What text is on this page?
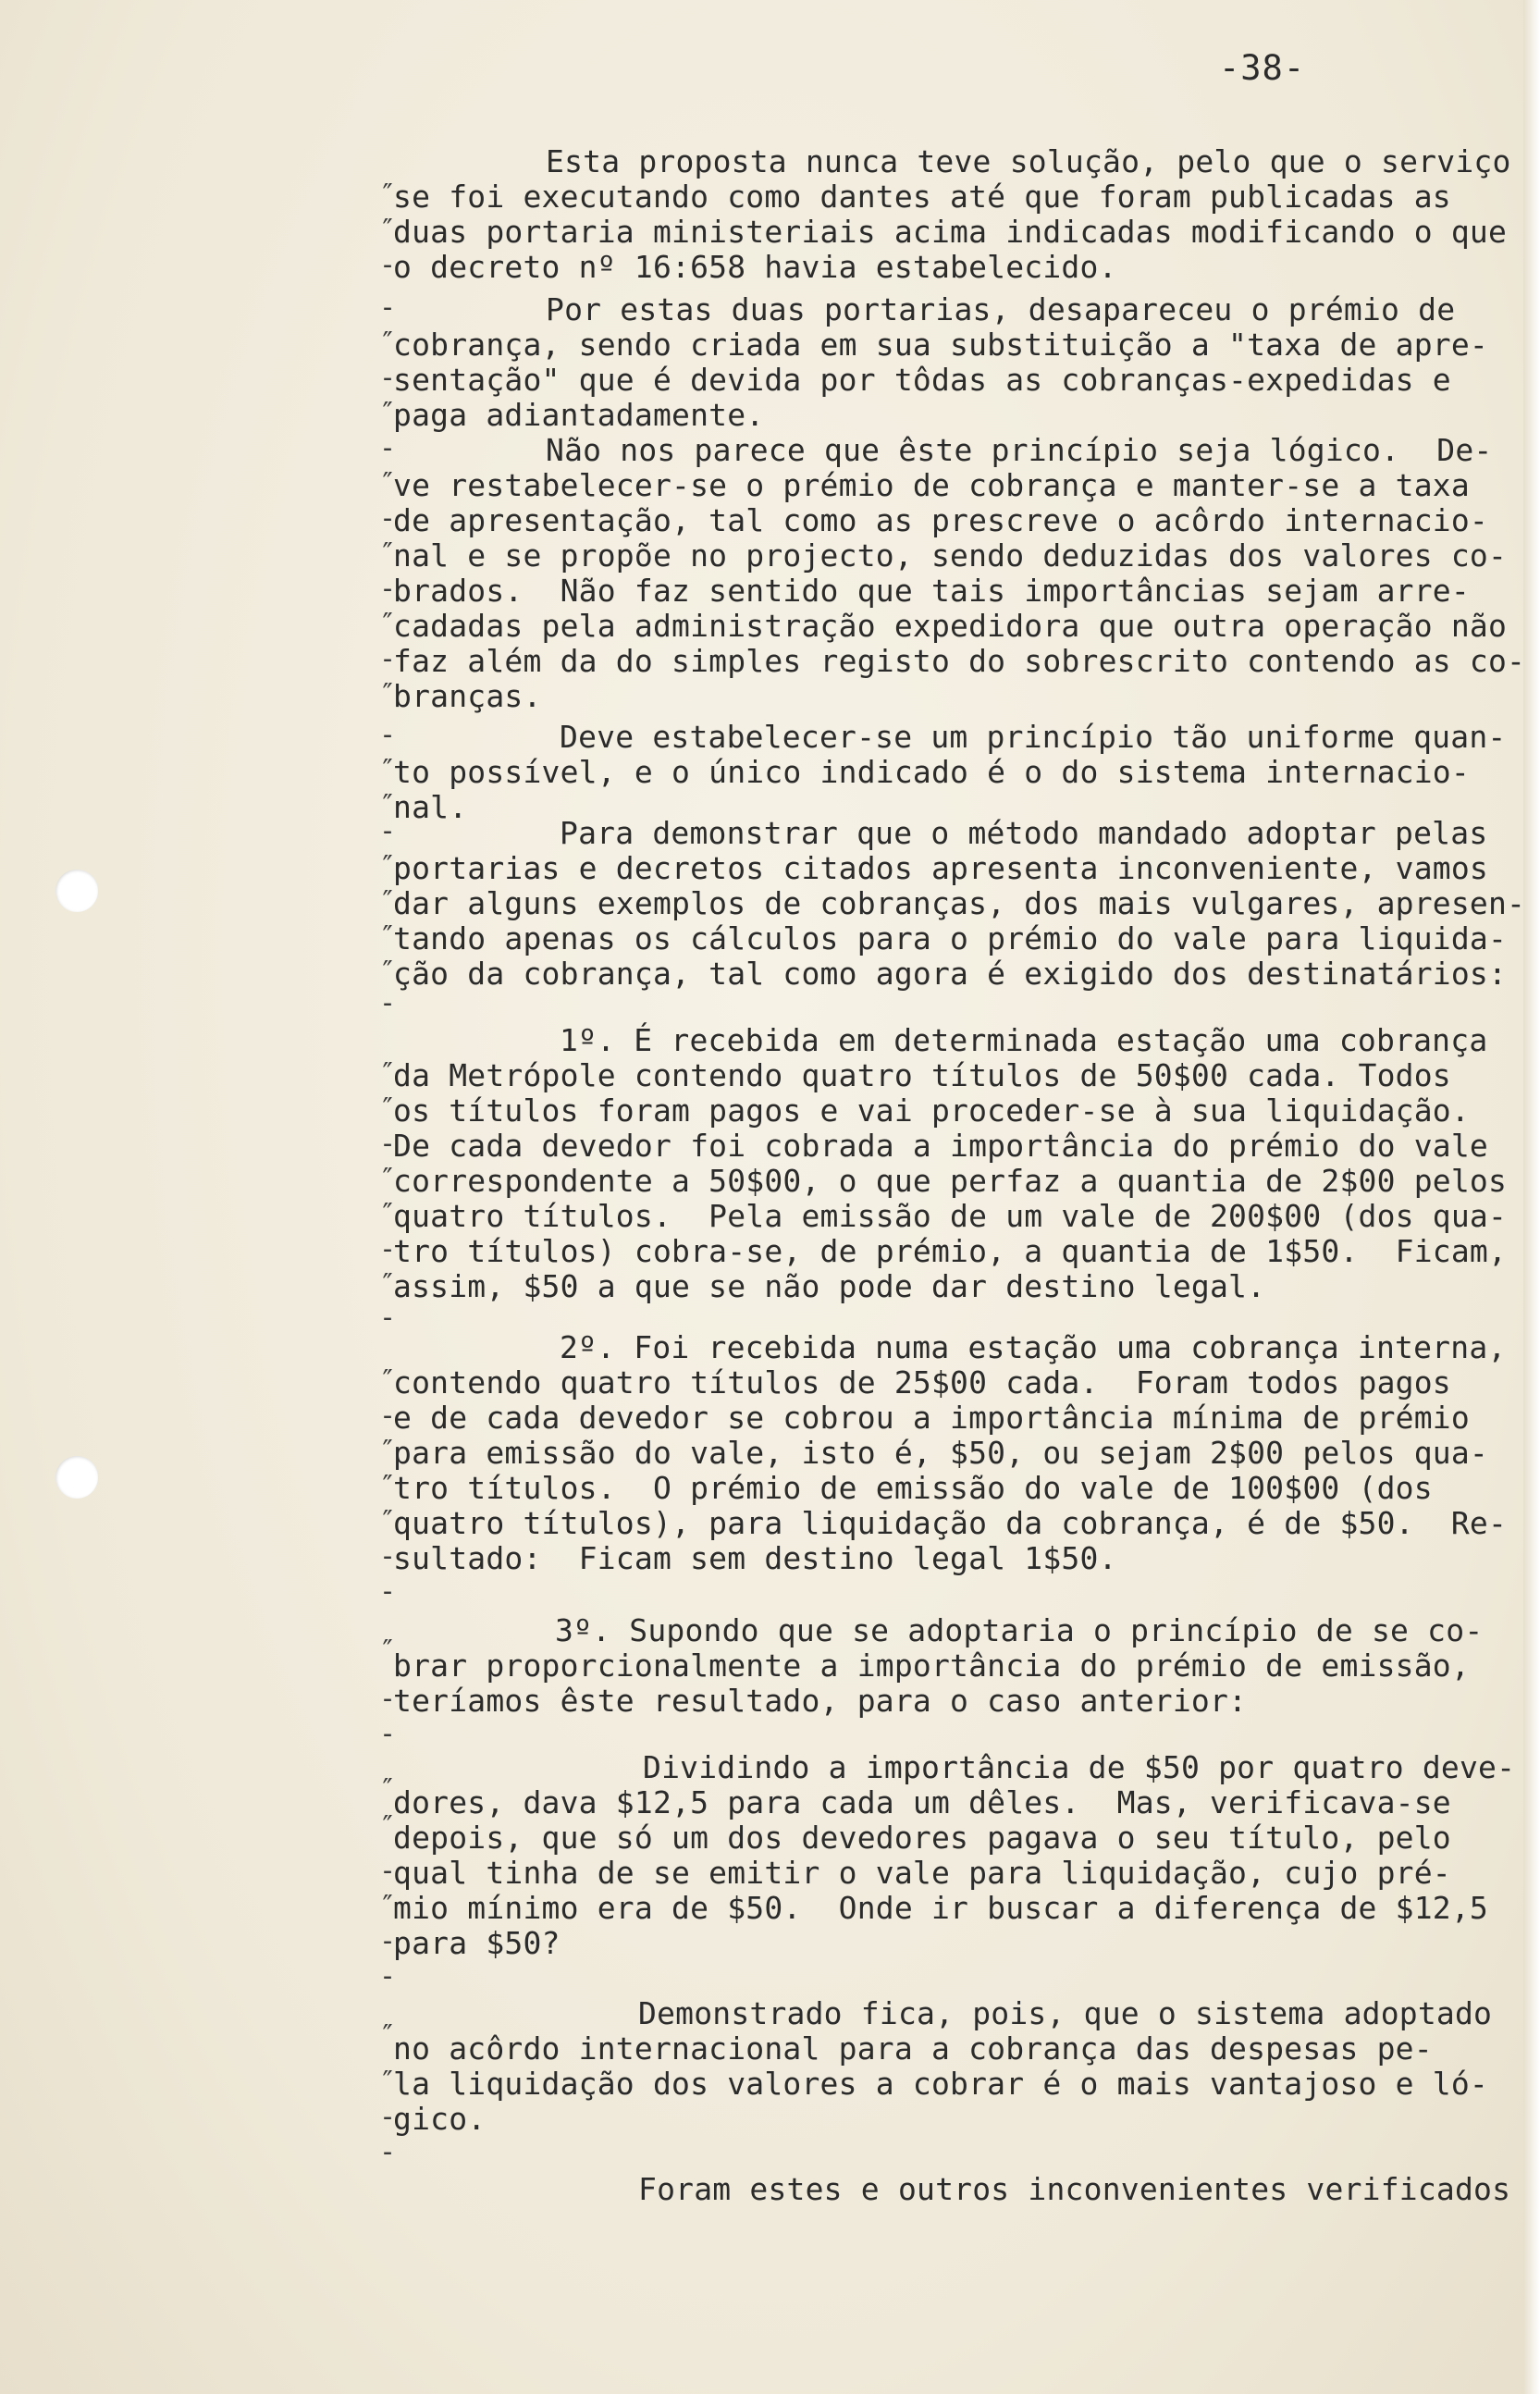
-38-
Esta proposta nunca teve solução, pelo que o serviço
se foi executando como dantes até que foram publicadas as
duas portaria ministeriais acima indicadas modificando o que
o decreto nº 16:658 havia estabelecido.
Por estas duas portarias, desapareceu o prémio de
cobrança, sendo criada em sua substituição a "taxa de apre-
sentação" que é devida por tôdas as cobranças-expedidas e
paga adiantadamente.
Não nos parece que êste princípio seja lógico.  De-
ve restabelecer-se o prémio de cobrança e manter-se a taxa
de apresentação, tal como as prescreve o acôrdo internacio-
nal e se propõe no projecto, sendo deduzidas dos valores co-
brados.  Não faz sentido que tais importâncias sejam arre-
cadadas pela administração expedidora que outra operação não
faz além da do simples registo do sobrescrito contendo as co-
branças.
Deve estabelecer-se um princípio tão uniforme quan-
to possível, e o único indicado é o do sistema internacio-
nal.
Para demonstrar que o método mandado adoptar pelas
portarias e decretos citados apresenta inconveniente, vamos
dar alguns exemplos de cobranças, dos mais vulgares, apresen-
tando apenas os cálculos para o prémio do vale para liquida-
ção da cobrança, tal como agora é exigido dos destinatários:
1º. É recebida em determinada estação uma cobrança
da Metrópole contendo quatro títulos de 50$00 cada. Todos
os títulos foram pagos e vai proceder-se à sua liquidação.
De cada devedor foi cobrada a importância do prémio do vale
correspondente a 50$00, o que perfaz a quantia de 2$00 pelos
quatro títulos.  Pela emissão de um vale de 200$00 (dos qua-
tro títulos) cobra-se, de prémio, a quantia de 1$50.  Ficam,
assim, $50 a que se não pode dar destino legal.
2º. Foi recebida numa estação uma cobrança interna,
contendo quatro títulos de 25$00 cada.  Foram todos pagos
e de cada devedor se cobrou a importância mínima de prémio
para emissão do vale, isto é, $50, ou sejam 2$00 pelos qua-
tro títulos.  O prémio de emissão do vale de 100$00 (dos
quatro títulos), para liquidação da cobrança, é de $50.  Re-
sultado:  Ficam sem destino legal 1$50.
3º. Supondo que se adoptaria o princípio de se co-
brar proporcionalmente a importância do prémio de emissão,
teríamos êste resultado, para o caso anterior:
Dividindo a importância de $50 por quatro deve-
dores, dava $12,5 para cada um dêles.  Mas, verificava-se
depois, que só um dos devedores pagava o seu título, pelo
qual tinha de se emitir o vale para liquidação, cujo pré-
mio mínimo era de $50.  Onde ir buscar a diferença de $12,5
para $50?
Demonstrado fica, pois, que o sistema adoptado
no acôrdo internacional para a cobrança das despesas pe-
la liquidação dos valores a cobrar é o mais vantajoso e ló-
gico.
Foram estes e outros inconvenientes verificados
″
″
-
-
″
-
″
-
″
-
″
-
″
-
″
-
″
″
-
″
″
″
″
-
″
″
-
″
″
-
″
-
″
-
″
″
″
-
-
″
-
-
″
″
-
″
-
-
″
″
-
-
